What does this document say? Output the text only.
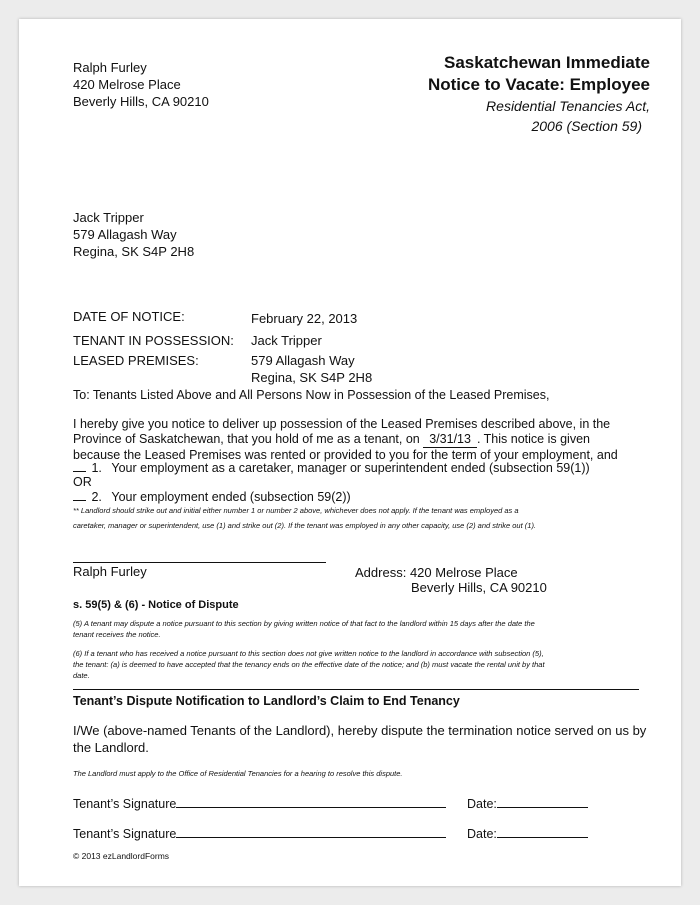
Ralph Furley
420 Melrose Place
Beverly Hills, CA 90210
Saskatchewan Immediate
Notice to Vacate: Employee
Residential Tenancies Act,
2006 (Section 59)
Jack Tripper
579 Allagash Way
Regina, SK S4P 2H8
DATE OF NOTICE:	February 22, 2013
TENANT IN POSSESSION: Jack Tripper
LEASED PREMISES:	579 Allagash Way
Regina, SK S4P 2H8
To: Tenants Listed Above and All Persons Now in Possession of the Leased Premises,
I hereby give you notice to deliver up possession of the Leased Premises described above, in the
Province of Saskatchewan, that you hold of me as a tenant, on 3/31/13 . This notice is given
because the Leased Premises was rented or provided to you for the term of your employment, and
1. Your employment as a caretaker, manager or superintendent ended (subsection 59(1))
OR
2. Your employment ended (subsection 59(2))
** Landlord should strike out and initial either number 1 or number 2 above, whichever does not apply. If the tenant was employed as a
caretaker, manager or superintendent, use (1) and strike out (2). If the tenant was employed in any other capacity, use (2) and strike out (1).
Ralph Furley	Address: 420 Melrose Place
Beverly Hills, CA 90210
s. 59(5) & (6) - Notice of Dispute
(5) A tenant may dispute a notice pursuant to this section by giving written notice of that fact to the landlord within 15 days after the date the
tenant receives the notice.
(6) If a tenant who has received a notice pursuant to this section does not give written notice to the landlord in accordance with subsection (5),
the tenant: (a) is deemed to have accepted that the tenancy ends on the effective date of the notice; and (b) must vacate the rental unit by that
date.
Tenant’s Dispute Notification to Landlord’s Claim to End Tenancy
I/We (above-named Tenants of the Landlord), hereby dispute the termination notice served on us by
the Landlord.
The Landlord must apply to the Office of Residential Tenancies for a hearing to resolve this dispute.
Tenant’s Signature	Date:
Tenant’s Signature	Date:
© 2013 ezLandlordForms
